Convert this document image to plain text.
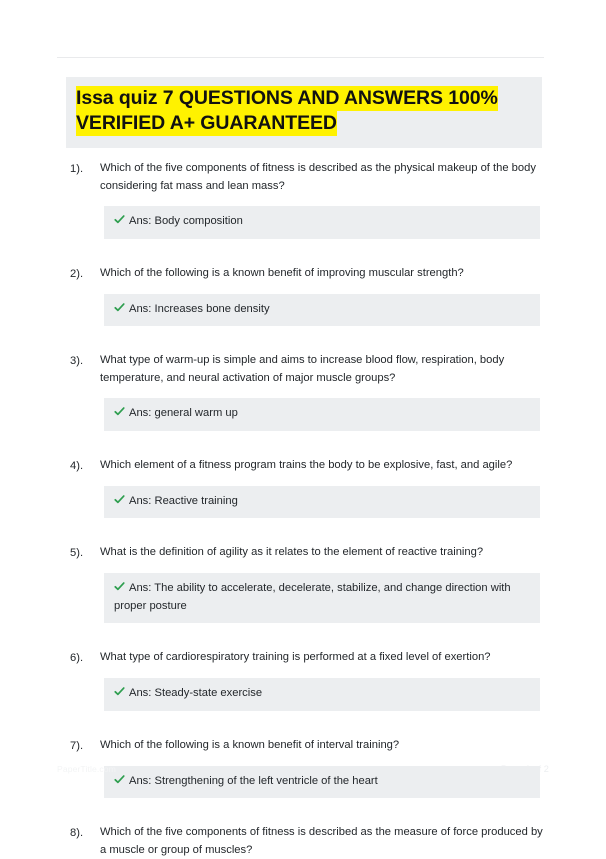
Issa quiz 7 QUESTIONS AND ANSWERS 100% VERIFIED A+ GUARANTEED
1).	Which of the five components of fitness is described as the physical makeup of the body considering fat mass and lean mass?
Ans: Body composition
2).	Which of the following is a known benefit of improving muscular strength?
Ans: Increases bone density
3).	What type of warm-up is simple and aims to increase blood flow, respiration, body temperature, and neural activation of major muscle groups?
Ans: general warm up
4).	Which element of a fitness program trains the body to be explosive, fast, and agile?
Ans: Reactive training
5).	What is the definition of agility as it relates to the element of reactive training?
Ans: The ability to accelerate, decelerate, stabilize, and change direction with proper posture
6).	What type of cardiorespiratory training is performed at a fixed level of exertion?
Ans: Steady-state exercise
7).	Which of the following is a known benefit of interval training?
Ans: Strengthening of the left ventricle of the heart
8).	Which of the five components of fitness is described as the measure of force produced by a muscle or group of muscles?
PaperTitle.com	Page 1 of 2
